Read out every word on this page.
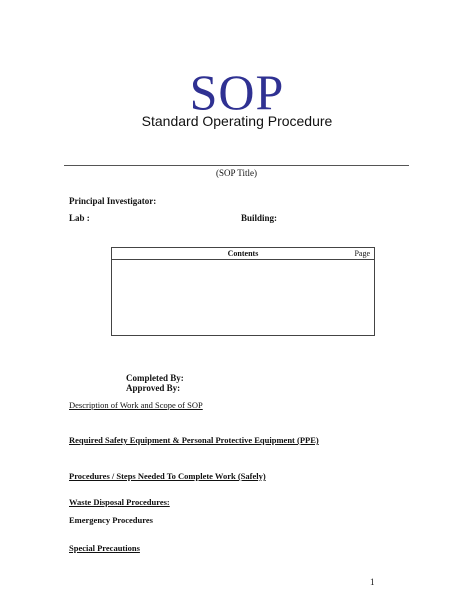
SOP
Standard Operating Procedure
(SOP Title)
Principal Investigator:
Lab :	Building:
Contents	Page
Completed By:
Approved By:
Description of Work and Scope of SOP
Required Safety Equipment & Personal Protective Equipment (PPE)
Procedures / Steps Needed To Complete Work (Safely)
Waste Disposal Procedures:
Emergency Procedures
Special Precautions
1
